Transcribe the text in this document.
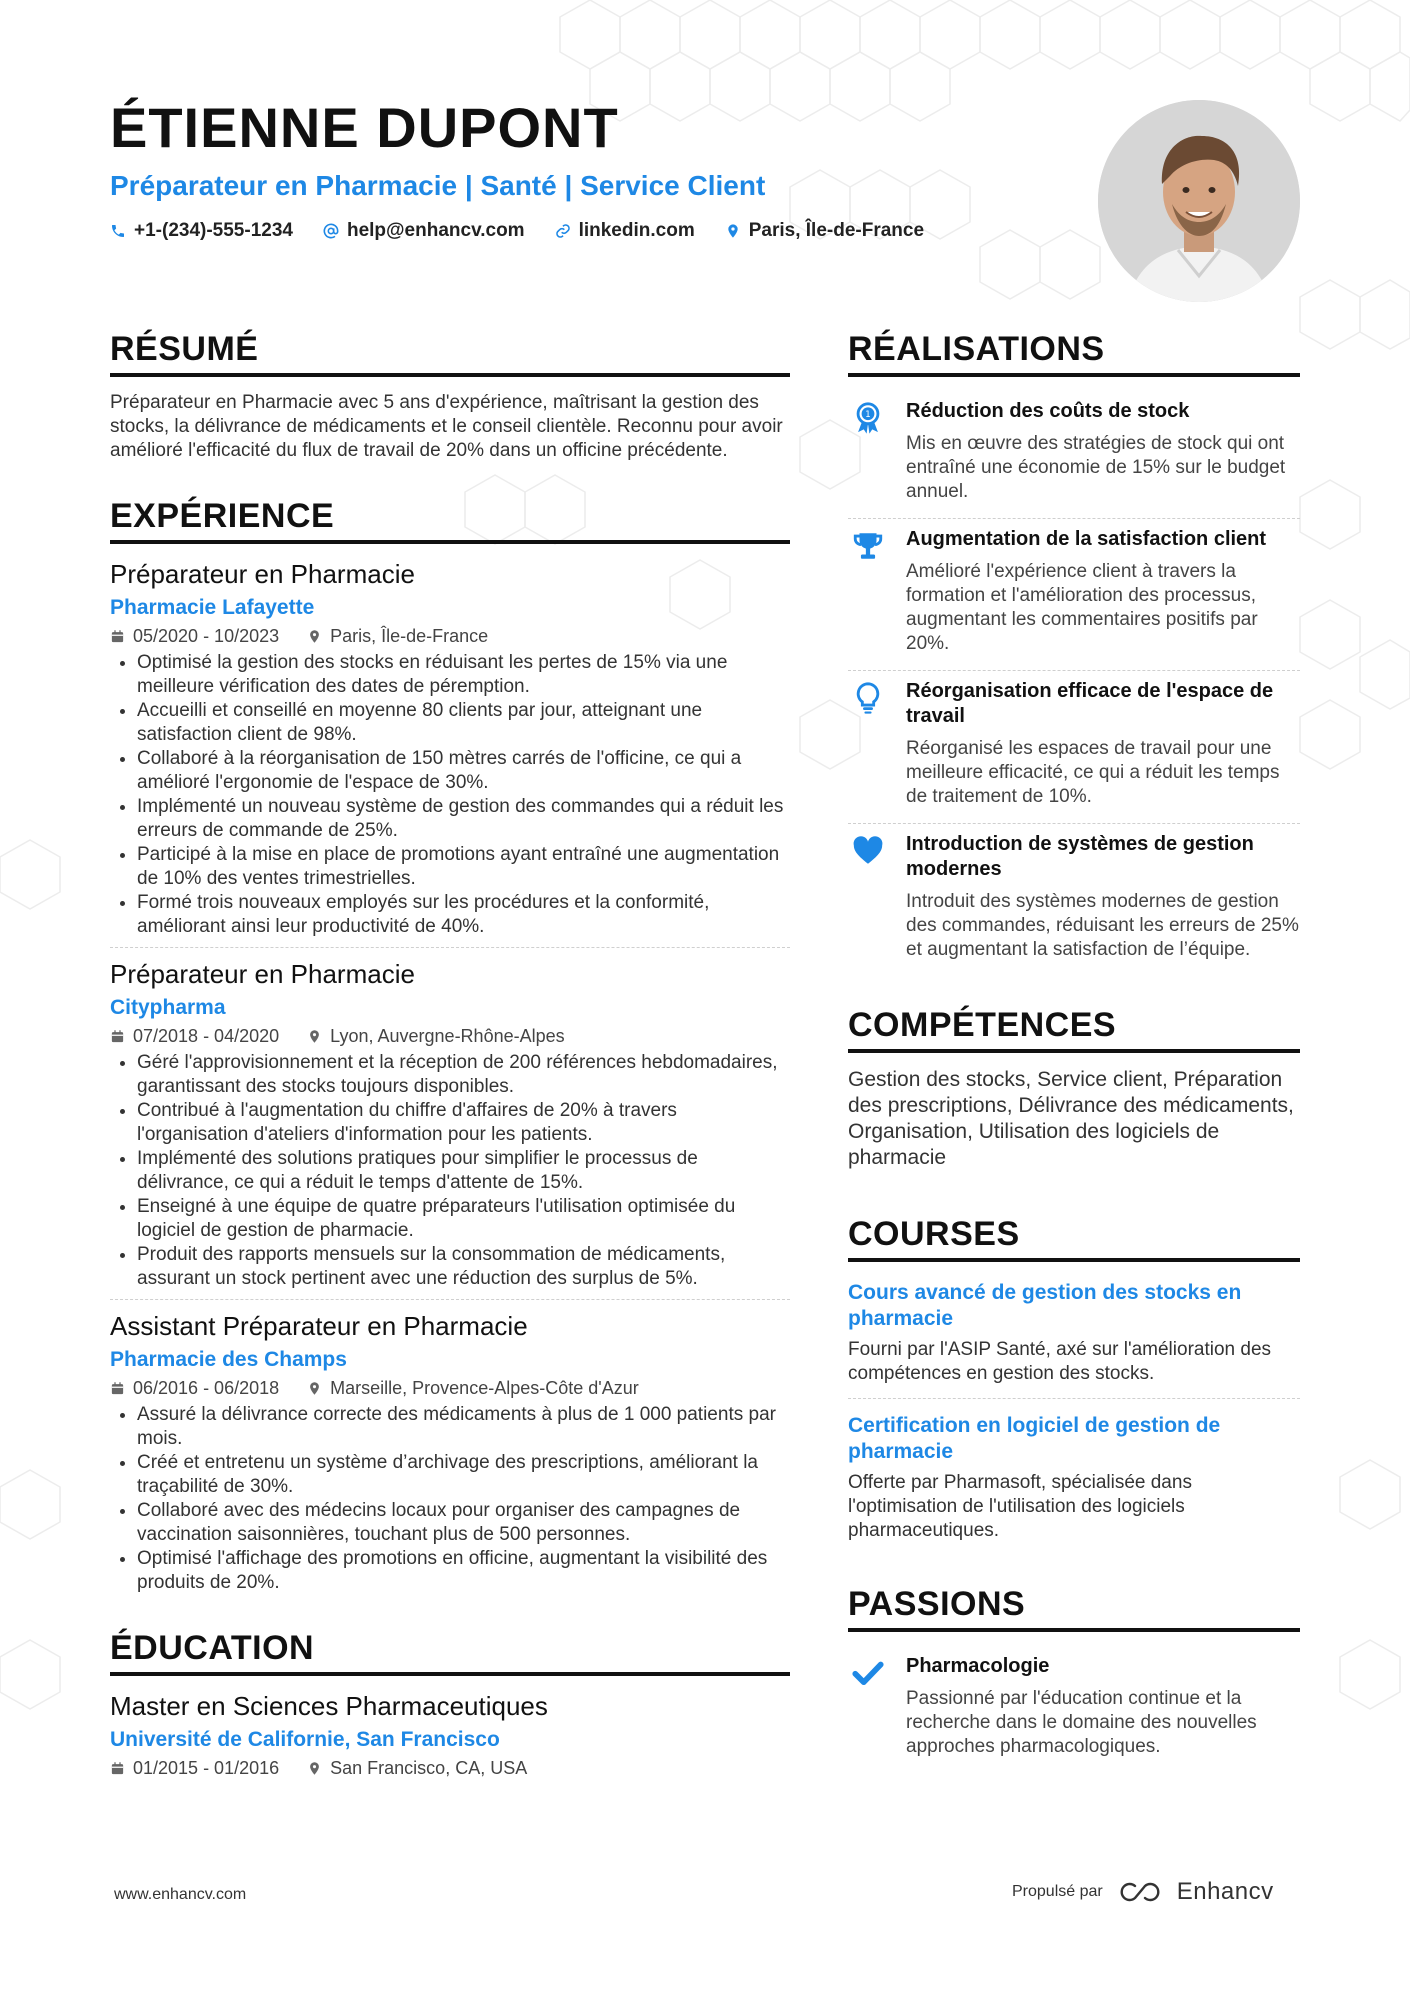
ÉTIENNE DUPONT
Préparateur en Pharmacie | Santé | Service Client
+1-(234)-555-1234	help@enhancv.com	linkedin.com	Paris, Île-de-France
RÉSUMÉ
Préparateur en Pharmacie avec 5 ans d'expérience, maîtrisant la gestion des stocks, la délivrance de médicaments et le conseil clientèle. Reconnu pour avoir amélioré l'efficacité du flux de travail de 20% dans un officine précédente.
EXPÉRIENCE
Préparateur en Pharmacie
Pharmacie Lafayette
05/2020 - 10/2023	Paris, Île-de-France
• Optimisé la gestion des stocks en réduisant les pertes de 15% via une meilleure vérification des dates de péremption.
• Accueilli et conseillé en moyenne 80 clients par jour, atteignant une satisfaction client de 98%.
• Collaboré à la réorganisation de 150 mètres carrés de l'officine, ce qui a amélioré l'ergonomie de l'espace de 30%.
• Implémenté un nouveau système de gestion des commandes qui a réduit les erreurs de commande de 25%.
• Participé à la mise en place de promotions ayant entraîné une augmentation de 10% des ventes trimestrielles.
• Formé trois nouveaux employés sur les procédures et la conformité, améliorant ainsi leur productivité de 40%.
Préparateur en Pharmacie
Citypharma
07/2018 - 04/2020	Lyon, Auvergne-Rhône-Alpes
• Géré l'approvisionnement et la réception de 200 références hebdomadaires, garantissant des stocks toujours disponibles.
• Contribué à l'augmentation du chiffre d'affaires de 20% à travers l'organisation d'ateliers d'information pour les patients.
• Implémenté des solutions pratiques pour simplifier le processus de délivrance, ce qui a réduit le temps d'attente de 15%.
• Enseigné à une équipe de quatre préparateurs l'utilisation optimisée du logiciel de gestion de pharmacie.
• Produit des rapports mensuels sur la consommation de médicaments, assurant un stock pertinent avec une réduction des surplus de 5%.
Assistant Préparateur en Pharmacie
Pharmacie des Champs
06/2016 - 06/2018	Marseille, Provence-Alpes-Côte d'Azur
• Assuré la délivrance correcte des médicaments à plus de 1 000 patients par mois.
• Créé et entretenu un système d’archivage des prescriptions, améliorant la traçabilité de 30%.
• Collaboré avec des médecins locaux pour organiser des campagnes de vaccination saisonnières, touchant plus de 500 personnes.
• Optimisé l'affichage des promotions en officine, augmentant la visibilité des produits de 20%.
ÉDUCATION
Master en Sciences Pharmaceutiques
Université de Californie, San Francisco
01/2015 - 01/2016	San Francisco, CA, USA
RÉALISATIONS
1 Réduction des coûts de stock
Mis en œuvre des stratégies de stock qui ont entraîné une économie de 15% sur le budget annuel.
Augmentation de la satisfaction client
Amélioré l'expérience client à travers la formation et l'amélioration des processus, augmentant les commentaires positifs par 20%.
Réorganisation efficace de l'espace de travail
Réorganisé les espaces de travail pour une meilleure efficacité, ce qui a réduit les temps de traitement de 10%.
Introduction de systèmes de gestion modernes
Introduit des systèmes modernes de gestion des commandes, réduisant les erreurs de 25% et augmentant la satisfaction de l’équipe.
COMPÉTENCES
Gestion des stocks, Service client, Préparation des prescriptions, Délivrance des médicaments, Organisation, Utilisation des logiciels de pharmacie
COURSES
Cours avancé de gestion des stocks en pharmacie
Fourni par l'ASIP Santé, axé sur l'amélioration des compétences en gestion des stocks.
Certification en logiciel de gestion de pharmacie
Offerte par Pharmasoft, spécialisée dans l'optimisation de l'utilisation des logiciels pharmaceutiques.
PASSIONS
Pharmacologie
Passionné par l'éducation continue et la recherche dans le domaine des nouvelles approches pharmacologiques.
www.enhancv.com	Propulsé par	Enhancv
